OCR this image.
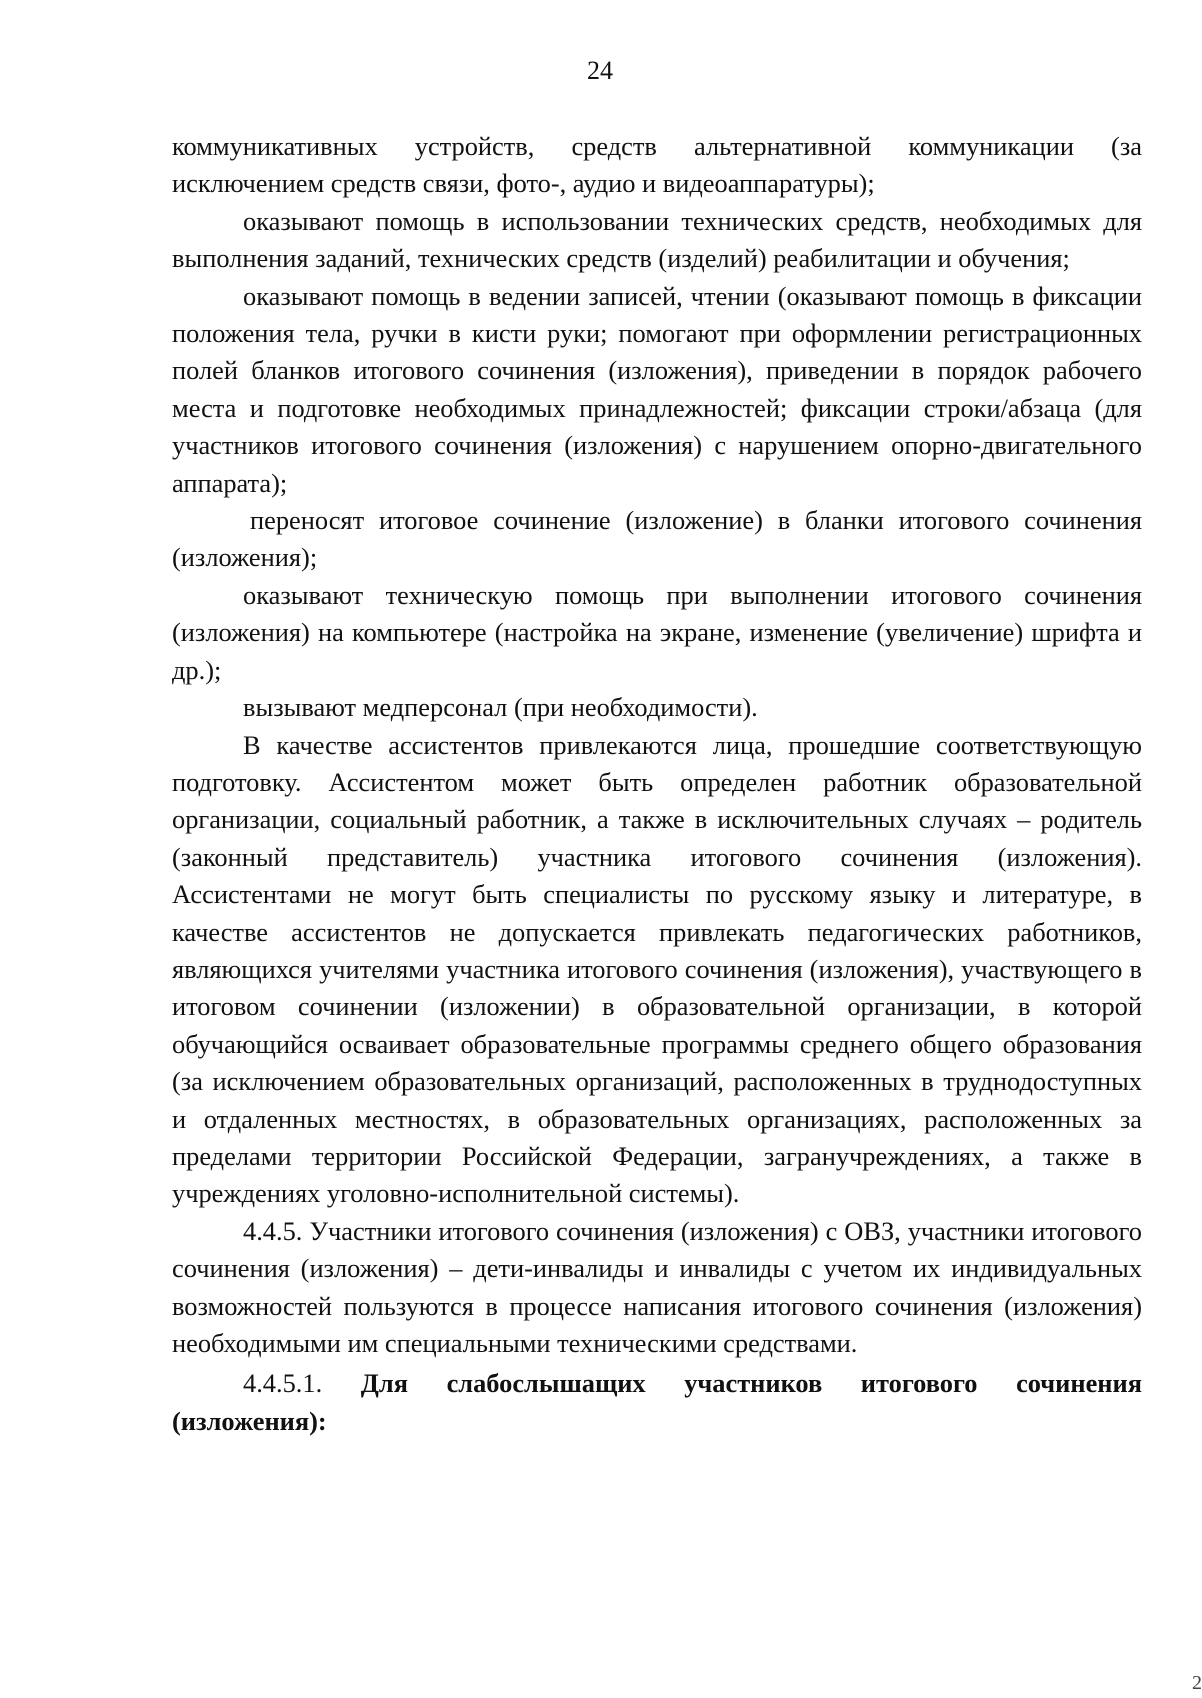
24

коммуникативных устройств, средств альтернативной коммуникации (за исключением средств связи, фото-, аудио и видеоаппаратуры);

оказывают помощь в использовании технических средств, необходимых для выполнения заданий, технических средств (изделий) реабилитации и обучения;

оказывают помощь в ведении записей, чтении (оказывают помощь в фиксации положения тела, ручки в кисти руки; помогают при оформлении регистрационных полей бланков итогового сочинения (изложения), приведении в порядок рабочего места и подготовке необходимых принадлежностей; фиксации строки/абзаца (для участников итогового сочинения (изложения) с нарушением опорно-двигательного аппарата);

переносят итоговое сочинение (изложение) в бланки итогового сочинения (изложения);

оказывают техническую помощь при выполнении итогового сочинения (изложения) на компьютере (настройка на экране, изменение (увеличение) шрифта и др.);

вызывают медперсонал (при необходимости).

В качестве ассистентов привлекаются лица, прошедшие соответствующую подготовку. Ассистентом может быть определен работник образовательной организации, социальный работник, а также в исключительных случаях – родитель (законный представитель) участника итогового сочинения (изложения). Ассистентами не могут быть специалисты по русскому языку и литературе, в качестве ассистентов не допускается привлекать педагогических работников, являющихся учителями участника итогового сочинения (изложения), участвующего в итоговом сочинении (изложении) в образовательной организации, в которой обучающийся осваивает образовательные программы среднего общего образования (за исключением образовательных организаций, расположенных в труднодоступных и отдаленных местностях, в образовательных организациях, расположенных за пределами территории Российской Федерации, загранучреждениях, а также в учреждениях уголовно-исполнительной системы).

4.4.5. Участники итогового сочинения (изложения) с ОВЗ, участники итогового сочинения (изложения) – дети-инвалиды и инвалиды с учетом их индивидуальных возможностей пользуются в процессе написания итогового сочинения (изложения) необходимыми им специальными техническими средствами.

4.4.5.1. Для слабослышащих участников итогового сочинения (изложения):

2
